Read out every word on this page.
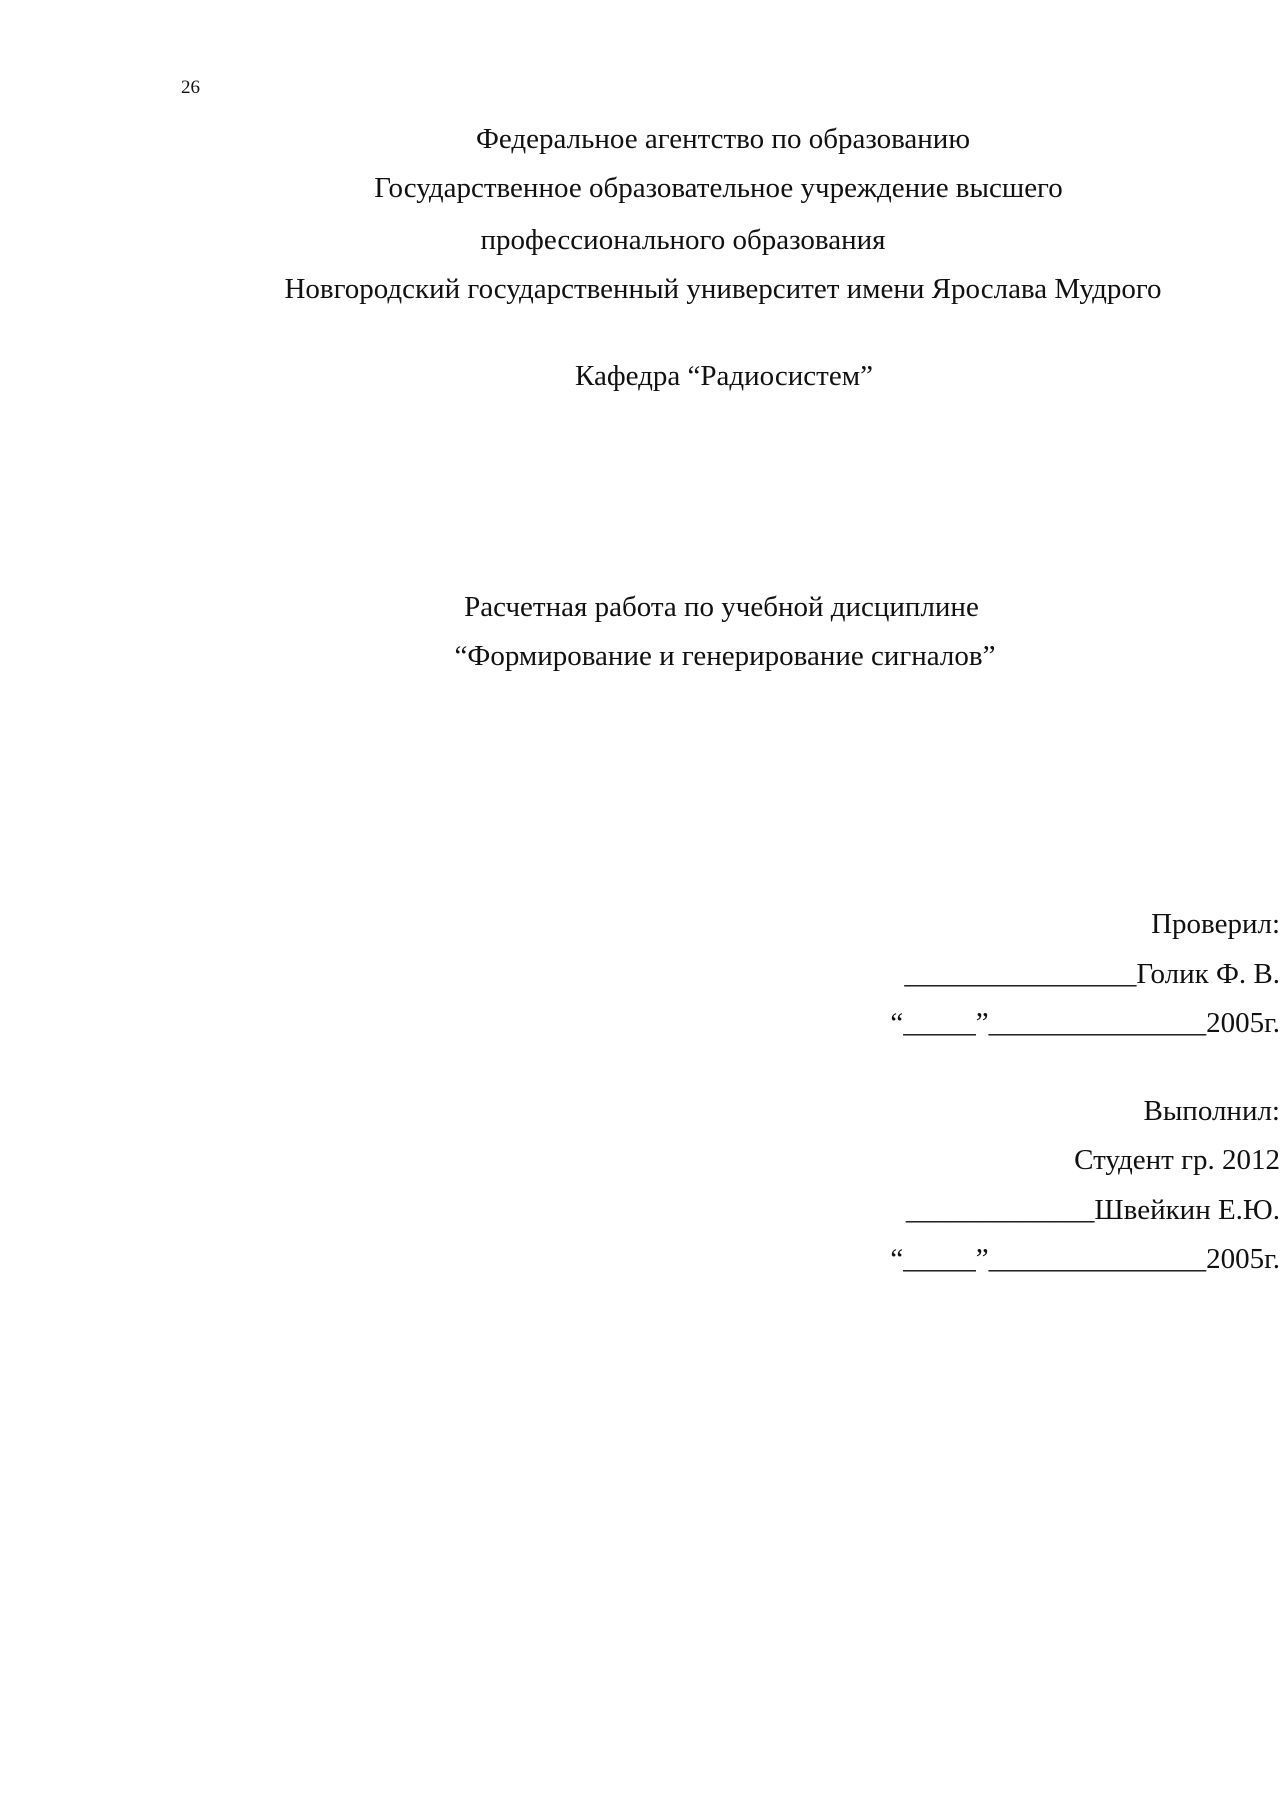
26
Федеральное агентство по образованию
Государственное образовательное учреждение высшего
профессионального образования
Новгородский государственный университет имени Ярослава Мудрого
Кафедра “Радиосистем”
Расчетная работа по учебной дисциплине
“Формирование и генерирование сигналов”
Проверил:
________________Голик Ф. В.
“_____”_______________2005г.
Выполнил:
Студент гр. 2012
_____________Швейкин Е.Ю.
“_____”_______________2005г.
